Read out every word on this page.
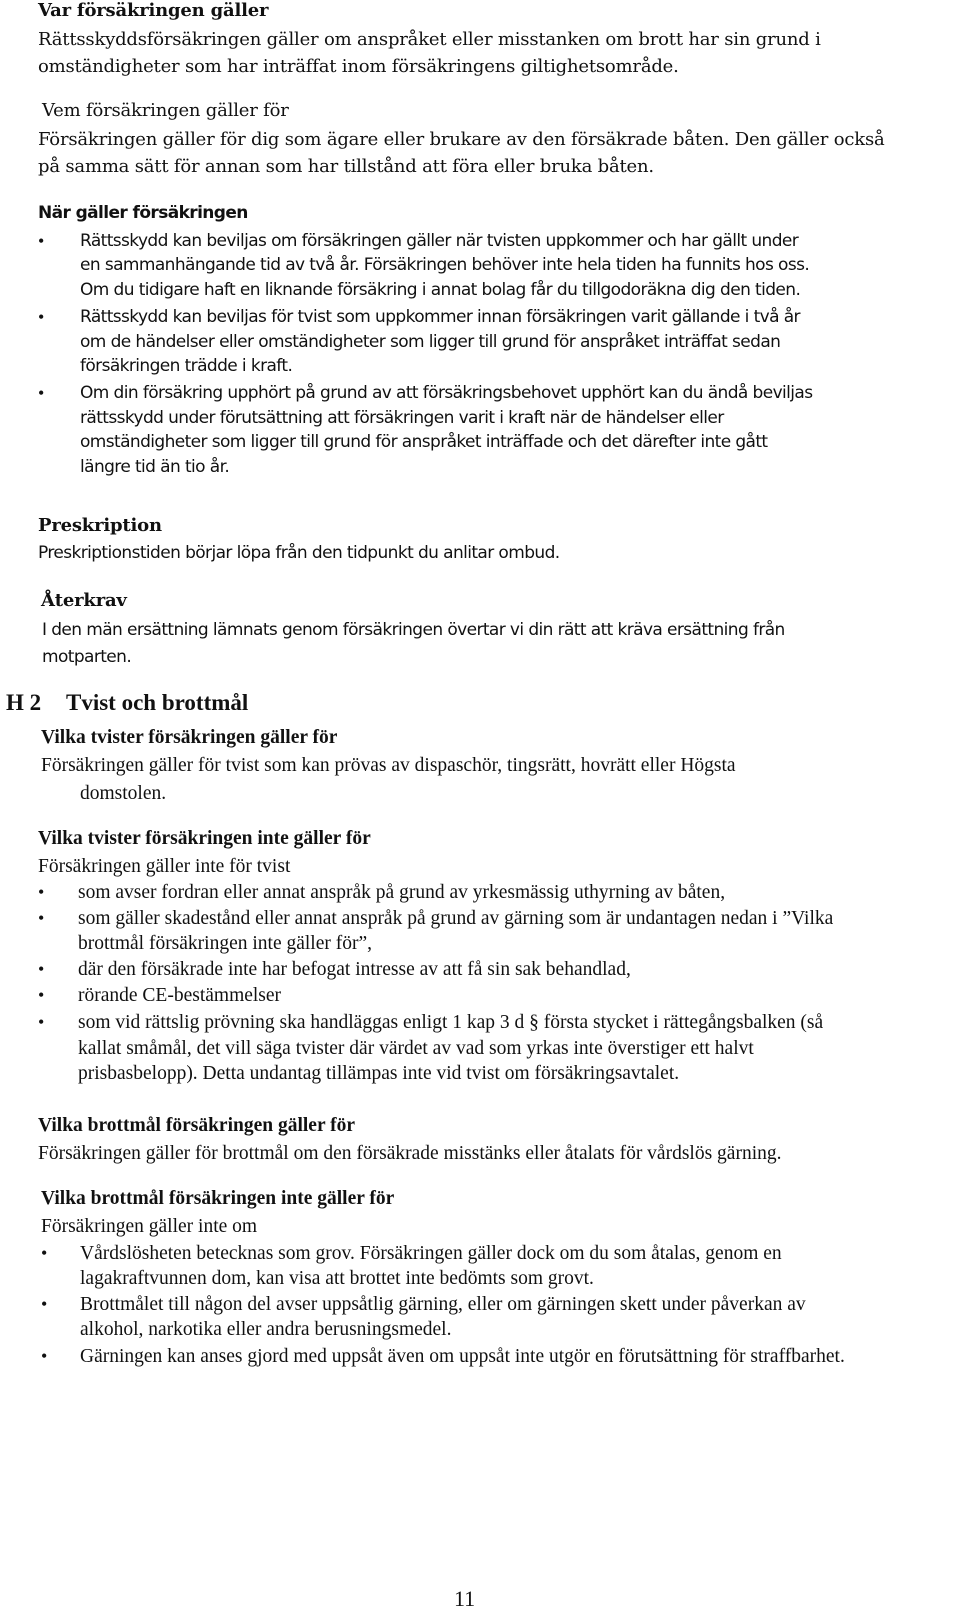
Var försäkringen gäller
Rättsskyddsförsäkringen gäller om anspråket eller misstanken om brott har sin grund i
omständigheter som har inträffat inom försäkringens giltighetsområde.
Vem försäkringen gäller för
Försäkringen gäller för dig som ägare eller brukare av den försäkrade båten. Den gäller också
på samma sätt för annan som har tillstånd att föra eller bruka båten.
När gäller försäkringen
• Rättsskydd kan beviljas om försäkringen gäller när tvisten uppkommer och har gällt under
en sammanhängande tid av två år. Försäkringen behöver inte hela tiden ha funnits hos oss.
Om du tidigare haft en liknande försäkring i annat bolag får du tillgodoräkna dig den tiden.
• Rättsskydd kan beviljas för tvist som uppkommer innan försäkringen varit gällande i två år
om de händelser eller omständigheter som ligger till grund för anspråket inträffat sedan
försäkringen trädde i kraft.
• Om din försäkring upphört på grund av att försäkringsbehovet upphört kan du ändå beviljas
rättsskydd under förutsättning att försäkringen varit i kraft när de händelser eller
omständigheter som ligger till grund för anspråket inträffade och det därefter inte gått
längre tid än tio år.
Preskription
Preskriptionstiden börjar löpa från den tidpunkt du anlitar ombud.
Återkrav
I den män ersättning lämnats genom försäkringen övertar vi din rätt att kräva ersättning från
motparten.
H 2 Tvist och brottmål
Vilka tvister försäkringen gäller för
Försäkringen gäller för tvist som kan prövas av dispaschör, tingsrätt, hovrätt eller Högsta
domstolen.
Vilka tvister försäkringen inte gäller för
Försäkringen gäller inte för tvist
• som avser fordran eller annat anspråk på grund av yrkesmässig uthyrning av båten,
• som gäller skadestånd eller annat anspråk på grund av gärning som är undantagen nedan i ”Vilka
brottmål försäkringen inte gäller för”,
• där den försäkrade inte har befogat intresse av att få sin sak behandlad,
• rörande CE-bestämmelser
• som vid rättslig prövning ska handläggas enligt 1 kap 3 d § första stycket i rättegångsbalken (så
kallat småmål, det vill säga tvister där värdet av vad som yrkas inte överstiger ett halvt
prisbasbelopp). Detta undantag tillämpas inte vid tvist om försäkringsavtalet.
Vilka brottmål försäkringen gäller för
Försäkringen gäller för brottmål om den försäkrade misstänks eller åtalats för vårdslös gärning.
Vilka brottmål försäkringen inte gäller för
Försäkringen gäller inte om
• Vårdslösheten betecknas som grov. Försäkringen gäller dock om du som åtalas, genom en
lagakraftvunnen dom, kan visa att brottet inte bedömts som grovt.
• Brottmålet till någon del avser uppsåtlig gärning, eller om gärningen skett under påverkan av
alkohol, narkotika eller andra berusningsmedel.
• Gärningen kan anses gjord med uppsåt även om uppsåt inte utgör en förutsättning för straffbarhet.
11
